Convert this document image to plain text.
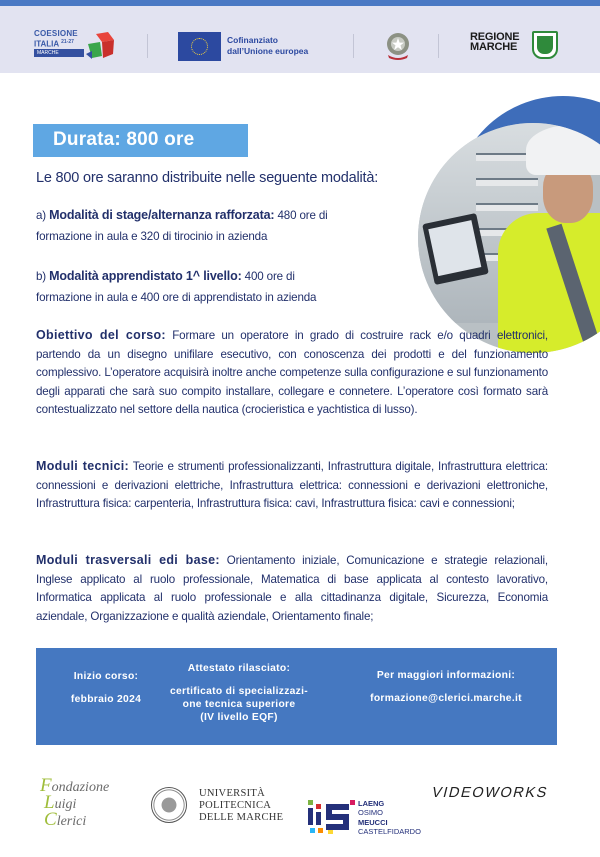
COESIONE
ITALIA $^{21-27}$
MARCHE
Cofinanziato
dall’Unione europea
REGIONE
MARCHE
Durata: 800 ore
Le 800 ore saranno distribuite nelle seguente modalità:
a) Modalità di stage/alternanza rafforzata: 480 ore di
formazione in aula e 320 di tirocinio in azienda
b) Modalità apprendistato 1^ livello: 400 ore di
formazione in aula e 400 ore di apprendistato in azienda
Obiettivo del corso: Formare un operatore in grado di costruire rack e/o quadri elettronici, partendo da un disegno unifilare esecutivo, con conoscenza dei prodotti e del funzionamento complessivo. L’operatore acquisirà inoltre anche competenze sulla configurazione e sul funzionamento degli apparati che sarà suo compito installare, collegare e connetere. L’operatore così formato sarà contestualizzato nel settore della nautica (crocieristica e yachtistica di lusso).
Moduli tecnici: Teorie e strumenti professionalizzanti, Infrastruttura digitale, Infrastruttura elettrica: connessioni e derivazioni elettriche, Infrastruttura elettrica: connessioni e derivazioni elettroniche, Infrastruttura fisica: carpenteria, Infrastruttura fisica: cavi, Infrastruttura fisica: cavi e connessioni;
Moduli trasversali edi base: Orientamento iniziale, Comunicazione e strategie relazionali, Inglese applicato al ruolo professionale, Matematica di base applicata al contesto lavorativo, Informatica applicata al ruolo professionale e alla cittadinanza digitale, Sicurezza, Economia aziendale, Organizzazione e qualità aziendale, Orientamento finale;
Inizio corso:
febbraio 2024
Attestato rilasciato:
certificato di specializzazi-
one tecnica superiore
(IV livello EQF)
Per maggiori informazioni:
formazione@clerici.marche.it
Fondazione
Luigi
Clerici
UNIVERSITÀ
POLITECNICA
DELLE MARCHE
LAENG
OSIMO
MEUCCI
CASTELFIDARDO
VIDEOWORKS
